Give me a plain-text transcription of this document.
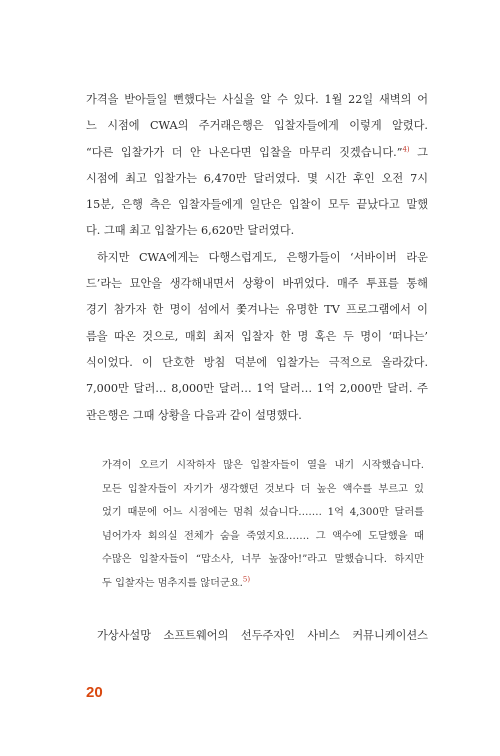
가격을 받아들일 뻔했다는 사실을 알 수 있다. 1월 22일 새벽의 어
느 시점에 CWA의 주거래은행은 입찰자들에게 이렇게 알렸다.
“다른 입찰가가 더 안 나온다면 입찰을 마무리 짓겠습니다.”$^{4)}$ 그
시점에 최고 입찰가는 6,470만 달러였다. 몇 시간 후인 오전 7시
15분, 은행 측은 입찰자들에게 일단은 입찰이 모두 끝났다고 말했
다. 그때 최고 입찰가는 6,620만 달러였다.
하지만 CWA에게는 다행스럽게도, 은행가들이 ‘서바이버 라운
드’라는 묘안을 생각해내면서 상황이 바뀌었다. 매주 투표를 통해
경기 참가자 한 명이 섬에서 쫓겨나는 유명한 TV 프로그램에서 이
름을 따온 것으로, 매회 최저 입찰자 한 명 혹은 두 명이 ‘떠나는’
식이었다. 이 단호한 방침 덕분에 입찰가는 극적으로 올라갔다.
7,000만 달러… 8,000만 달러… 1억 달러… 1억 2,000만 달러. 주
관은행은 그때 상황을 다음과 같이 설명했다.
가격이 오르기 시작하자 많은 입찰자들이 열을 내기 시작했습니다.
모든 입찰자들이 자기가 생각했던 것보다 더 높은 액수를 부르고 있
었기 때문에 어느 시점에는 멈춰 섰습니다……. 1억 4,300만 달러를
넘어가자 회의실 전체가 숨을 죽였지요……. 그 액수에 도달했을 때
수많은 입찰자들이 “맙소사, 너무 높잖아!”라고 말했습니다. 하지만
두 입찰자는 멈추지를 않더군요.$^{5)}$
가상사설망 소프트웨어의 선두주자인 사비스 커뮤니케이션스
20
